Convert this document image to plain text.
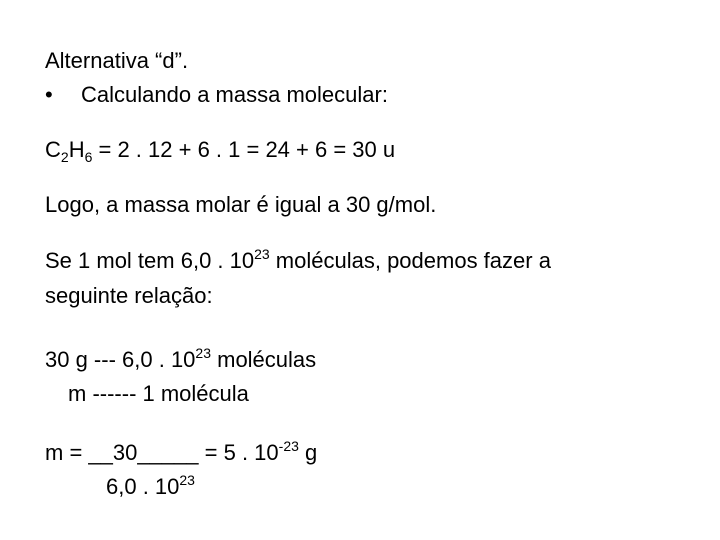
Alternativa “d”.
• Calculando a massa molecular:
$C_2H_6 = 2$ . 12 + 6 . 1 = 24 + 6 = 30 u
Logo, a massa molar é igual a 30 g/mol.
Se 1 mol tem 6,0 . $10^{23}$ moléculas, podemos fazer a
seguinte relação:
30 g --- 6,0 . $10^{23}$ moléculas
m ------ 1 molécula
m = __30_____ = 5 . $10^{-23}$ g
6,0 . $10^{23}$
